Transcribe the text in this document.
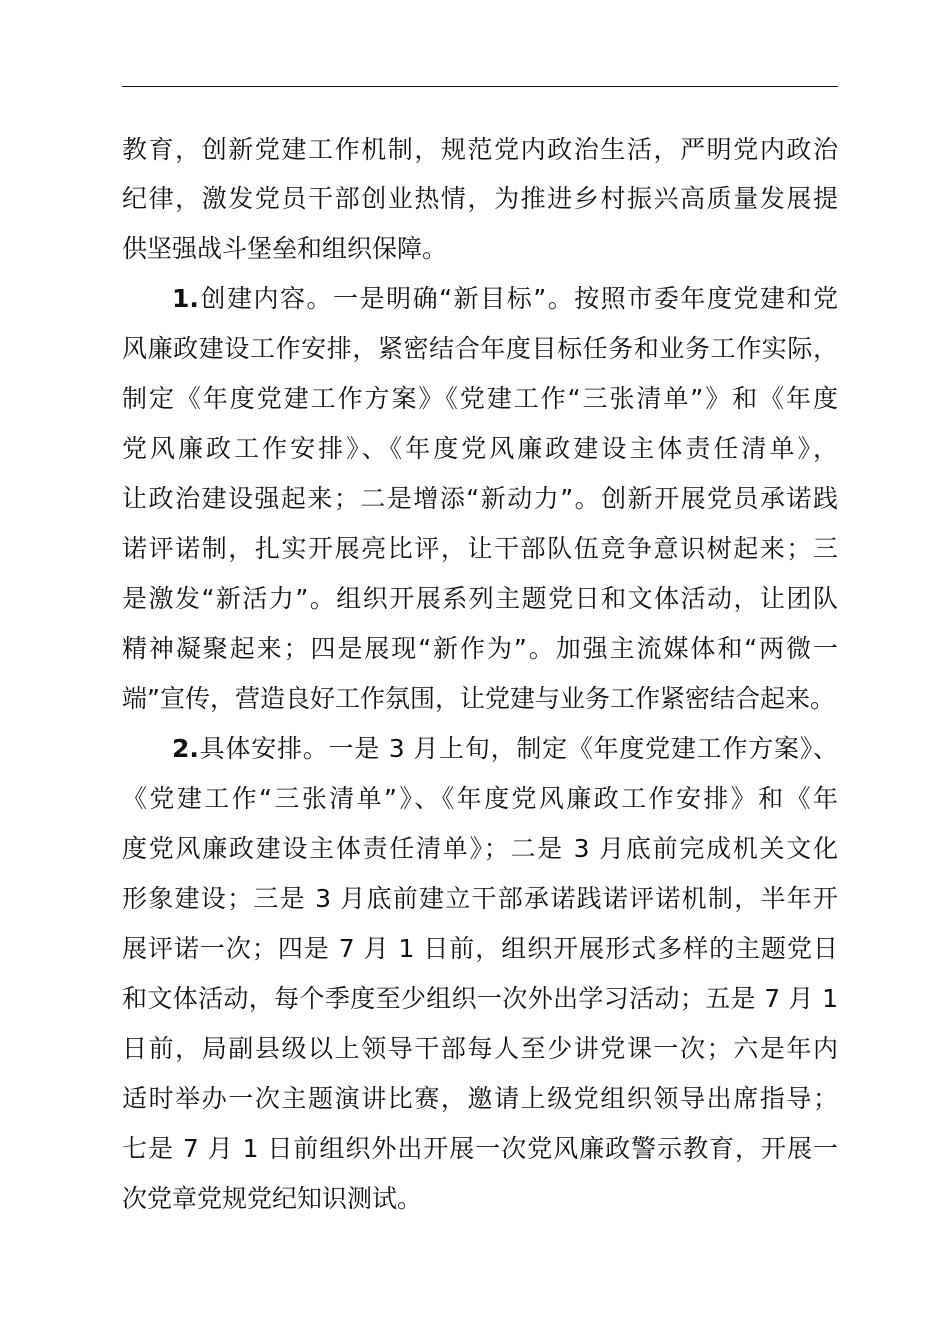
教育，创新党建工作机制，规范党内政治生活，严明党内政治
纪律，激发党员干部创业热情，为推进乡村振兴高质量发展提
供坚强战斗堡垒和组织保障。
1.创建内容。一是明确“新目标”。按照市委年度党建和党
风廉政建设工作安排，紧密结合年度目标任务和业务工作实际，
制定《年度党建工作方案》《党建工作“三张清单”》和《年度
党风廉政工作安排》、《年度党风廉政建设主体责任清单》，
让政治建设强起来；二是增添“新动力”。创新开展党员承诺践
诺评诺制，扎实开展亮比评，让干部队伍竞争意识树起来；三
是激发“新活力”。组织开展系列主题党日和文体活动，让团队
精神凝聚起来；四是展现“新作为”。加强主流媒体和“两微一
端”宣传，营造良好工作氛围，让党建与业务工作紧密结合起来。
2.具体安排。一是 3 月上旬，制定《年度党建工作方案》、
《党建工作“三张清单”》、《年度党风廉政工作安排》和《年
度党风廉政建设主体责任清单》；二是 3 月底前完成机关文化
形象建设；三是 3 月底前建立干部承诺践诺评诺机制，半年开
展评诺一次；四是 7 月 1 日前，组织开展形式多样的主题党日
和文体活动，每个季度至少组织一次外出学习活动；五是 7 月 1
日前，局副县级以上领导干部每人至少讲党课一次；六是年内
适时举办一次主题演讲比赛，邀请上级党组织领导出席指导；
七是 7 月 1 日前组织外出开展一次党风廉政警示教育，开展一
次党章党规党纪知识测试。
